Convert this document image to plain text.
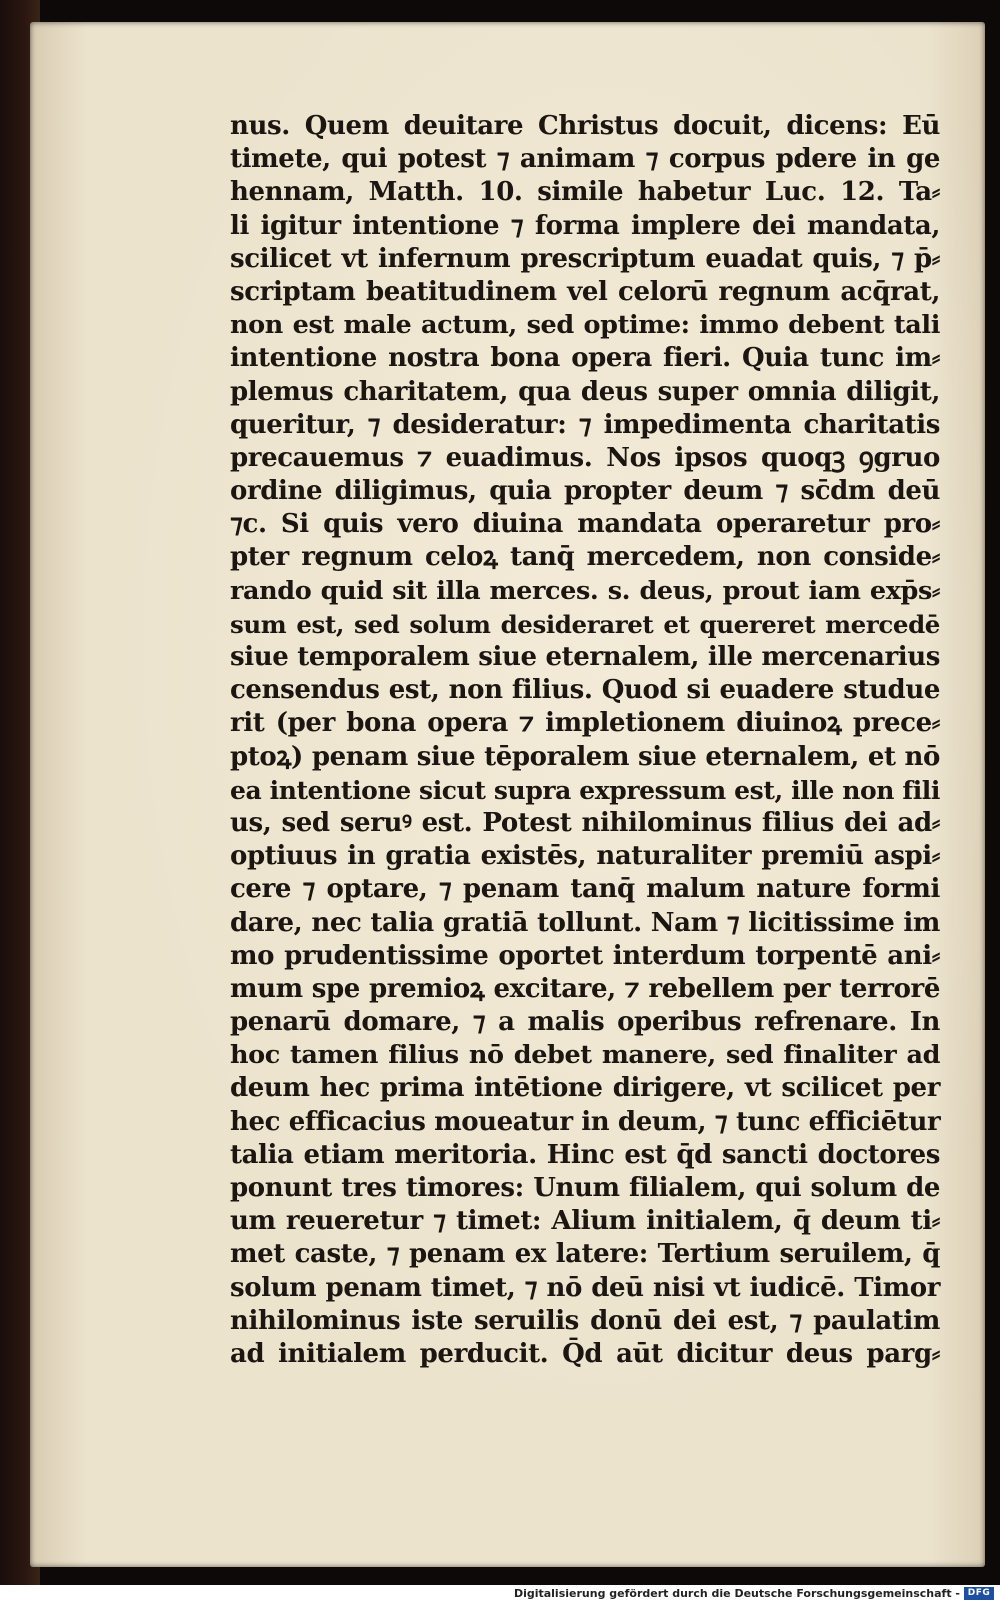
nus. Quem deuitare Christus docuit, dicens: Eū
timete, qui potest ⁊ animam ⁊ corpus pdere in ge
hennam, Matth. 10. simile habetur Luc. 12. Ta⸗
li igitur intentione ⁊ forma implere dei mandata,
scilicet vt infernum prescriptum euadat quis, ⁊ p̄⸗
scriptam beatitudinem vel celorū regnum acq̄rat,
non est male actum, sed optime: immo debent tali
intentione nostra bona opera fieri. Quia tunc im⸗
plemus charitatem, qua deus super omnia diligit,
queritur, ⁊ desideratur: ⁊ impedimenta charitatis
precauemus ⁊ euadimus. Nos ipsos quoqꝫ ꝯgruo
ordine diligimus, quia propter deum ⁊ sc̄dm deū
⁊c. Si quis vero diuina mandata operaretur pro⸗
pter regnum celoꝝ tanq̄ mercedem, non conside⸗
rando quid sit illa merces. s. deus, prout iam exp̄s⸗
sum est, sed solum desideraret et quereret mercedē
siue temporalem siue eternalem, ille mercenarius
censendus est, non filius. Quod si euadere studue
rit (per bona opera ⁊ impletionem diuinoꝝ prece⸗
ptoꝝ) penam siue tēporalem siue eternalem, et nō
ea intentione sicut supra expressum est, ille non fili
us, sed seruꝰ est. Potest nihilominus filius dei ad⸗
optiuus in gratia existēs, naturaliter premiū aspi⸗
cere ⁊ optare, ⁊ penam tanq̄ malum nature formi
dare, nec talia gratiā tollunt. Nam ⁊ licitissime im
mo prudentissime oportet interdum torpentē ani⸗
mum spe premioꝝ excitare, ⁊ rebellem per terrorē
penarū domare, ⁊ a malis operibus refrenare. In
hoc tamen filius nō debet manere, sed finaliter ad
deum hec prima intētione dirigere, vt scilicet per
hec efficacius moueatur in deum, ⁊ tunc efficiētur
talia etiam meritoria. Hinc est q̄d sancti doctores
ponunt tres timores: Unum filialem, qui solum de
um reueretur ⁊ timet: Alium initialem, q̄ deum ti⸗
met caste, ⁊ penam ex latere: Tertium seruilem, q̄
solum penam timet, ⁊ nō deū nisi vt iudicē. Timor
nihilominus iste seruilis donū dei est, ⁊ paulatim
ad initialem perducit. Q̄d aūt dicitur deus parg⸗
Digitalisierung gefördert durch die Deutsche Forschungsgemeinschaft - DFG
